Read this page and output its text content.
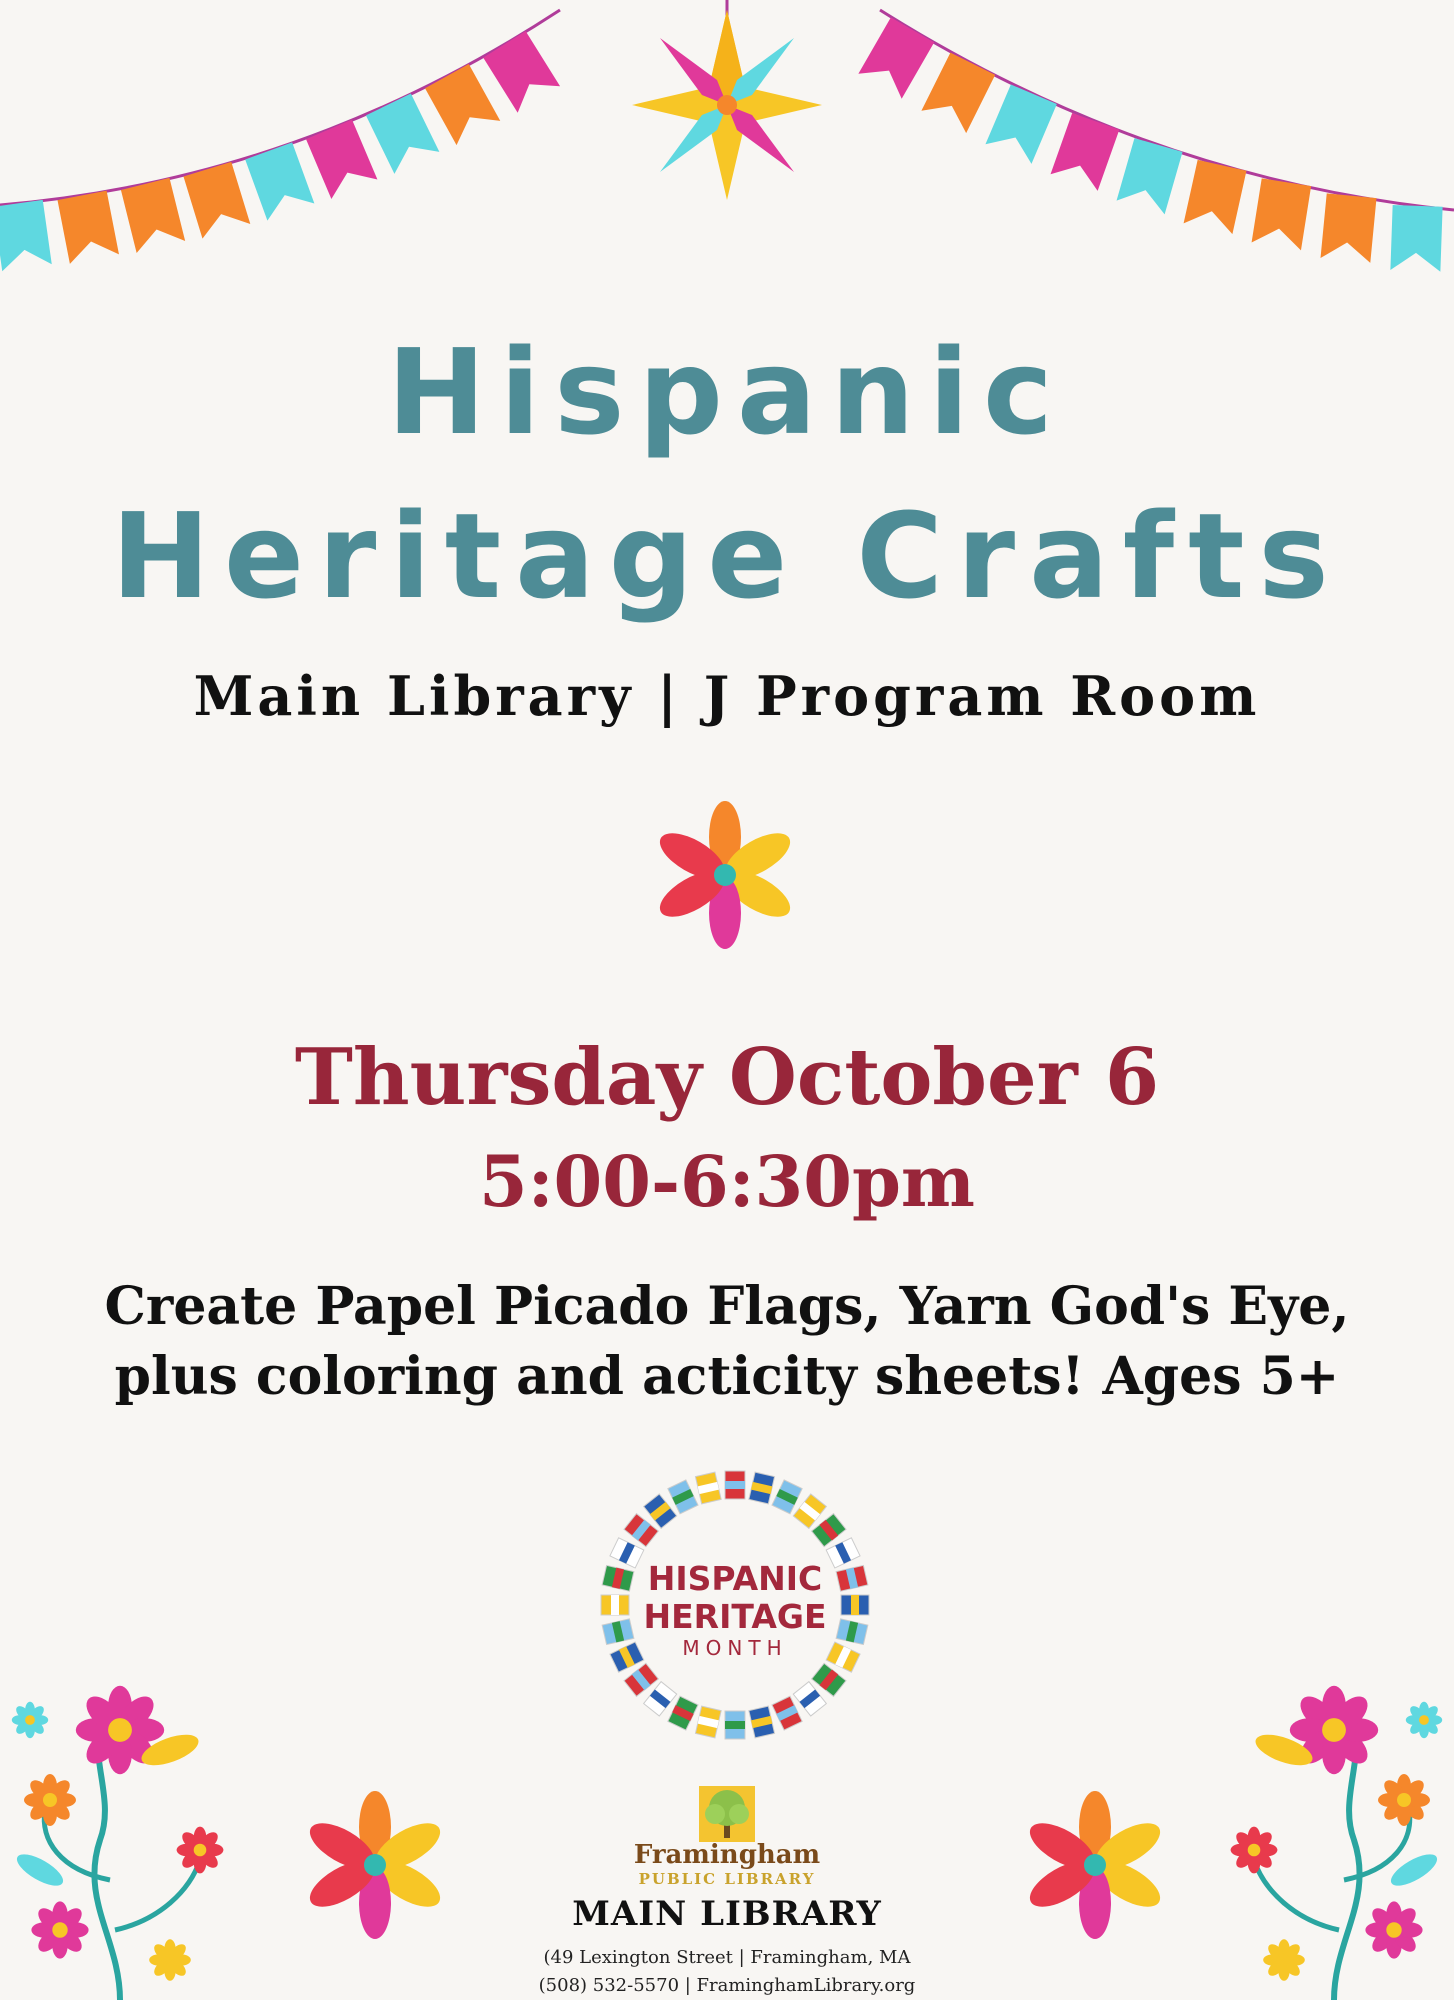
Hispanic
Heritage Crafts
Main Library | J Program Room
Thursday October 6
5:00-6:30pm
Create Papel Picado Flags, Yarn God's Eye,
plus coloring and acticity sheets! Ages 5+
HISPANIC
HERITAGE
MONTH
Framingham
PUBLIC LIBRARY
MAIN LIBRARY
(49 Lexington Street | Framingham, MA
(508) 532-5570 | FraminghamLibrary.org
